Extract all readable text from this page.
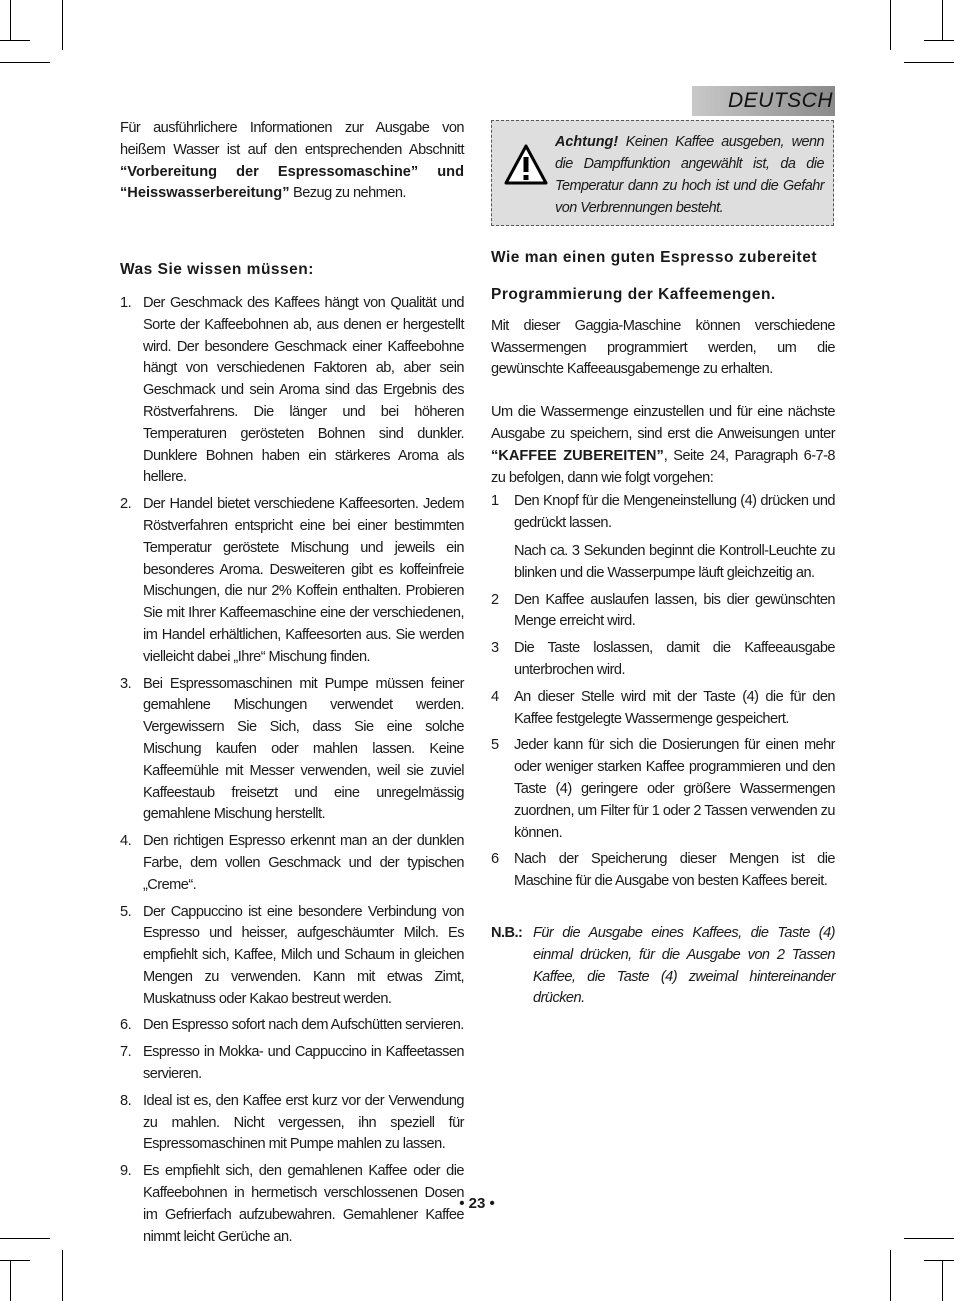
DEUTSCH

Für ausführlichere Informationen zur Ausgabe von heißem Wasser ist auf den entsprechenden Abschnitt “Vorbereitung der Espressomaschine” und “Heisswasserbereitung” Bezug zu nehmen.

Was Sie wissen müssen:
1. Der Geschmack des Kaffees hängt von Qualität und Sorte der Kaffeebohnen ab, aus denen er hergestellt wird. Der besondere Geschmack einer Kaffeebohne hängt von verschiedenen Faktoren ab, aber sein Geschmack und sein Aroma sind das Ergebnis des Röstverfahrens. Die länger und bei höheren Temperaturen gerösteten Bohnen sind dunkler. Dunklere Bohnen haben ein stärkeres Aroma als hellere.
2. Der Handel bietet verschiedene Kaffeesorten. Jedem Röstverfahren entspricht eine bei einer bestimmten Temperatur geröstete Mischung und jeweils ein besonderes Aroma. Desweiteren gibt es koffeinfreie Mischungen, die nur 2% Koffein enthalten. Probieren Sie mit Ihrer Kaffeemaschine eine der verschiedenen, im Handel erhältlichen, Kaffeesorten aus. Sie werden vielleicht dabei „Ihre“ Mischung finden.
3. Bei Espressomaschinen mit Pumpe müssen feiner gemahlene Mischungen verwendet werden. Vergewissern Sie Sich, dass Sie eine solche Mischung kaufen oder mahlen lassen. Keine Kaffeemühle mit Messer verwenden, weil sie zuviel Kaffeestaub freisetzt und eine unregelmässig gemahlene Mischung herstellt.
4. Den richtigen Espresso erkennt man an der dunklen Farbe, dem vollen Geschmack und der typischen „Creme“.
5. Der Cappuccino ist eine besondere Verbindung von Espresso und heisser, aufgeschäumter Milch. Es empfiehlt sich, Kaffee, Milch und Schaum in gleichen Mengen zu verwenden. Kann mit etwas Zimt, Muskatnuss oder Kakao bestreut werden.
6. Den Espresso sofort nach dem Aufschütten servieren.
7. Espresso in Mokka- und Cappuccino in Kaffeetassen servieren.
8. Ideal ist es, den Kaffee erst kurz vor der Verwendung zu mahlen. Nicht vergessen, ihn speziell für Espressomaschinen mit Pumpe mahlen zu lassen.
9. Es empfiehlt sich, den gemahlenen Kaffee oder die Kaffeebohnen in hermetisch verschlossenen Dosen im Gefrierfach aufzubewahren. Gemahlener Kaffee nimmt leicht Gerüche an.
Achtung! Keinen Kaffee ausgeben, wenn die Dampffunktion angewählt ist, da die Temperatur dann zu hoch ist und die Gefahr von Verbrennungen besteht.
Wie man einen guten Espresso zubereitet
Programmierung der Kaffeemengen.

Mit dieser Gaggia-Maschine können verschiedene Wassermengen programmiert werden, um die gewünschte Kaffeeausgabemenge zu erhalten.

Um die Wassermenge einzustellen und für eine nächste Ausgabe zu speichern, sind erst die Anweisungen unter “KAFFEE ZUBEREITEN”, Seite 24, Paragraph 6-7-8 zu befolgen, dann wie folgt vorgehen:

1 Den Knopf für die Mengeneinstellung (4) drücken und gedrückt lassen.
Nach ca. 3 Sekunden beginnt die Kontroll-Leuchte zu blinken und die Wasserpumpe läuft gleichzeitig an.
2 Den Kaffee auslaufen lassen, bis dier gewünschten Menge erreicht wird.
3 Die Taste loslassen, damit die Kaffeeausgabe unterbrochen wird.
4 An dieser Stelle wird mit der Taste (4) die für den Kaffee festgelegte Wassermenge gespeichert.
5 Jeder kann für sich die Dosierungen für einen mehr oder weniger starken Kaffee programmieren und den Taste (4) geringere oder größere Wassermengen zuordnen, um Filter für 1 oder 2 Tassen verwenden zu können.
6 Nach der Speicherung dieser Mengen ist die Maschine für die Ausgabe von besten Kaffees bereit.
N.B.: Für die Ausgabe eines Kaffees, die Taste (4) einmal drücken, für die Ausgabe von 2 Tassen Kaffee, die Taste (4) zweimal hintereinander drücken.
• 23 •
